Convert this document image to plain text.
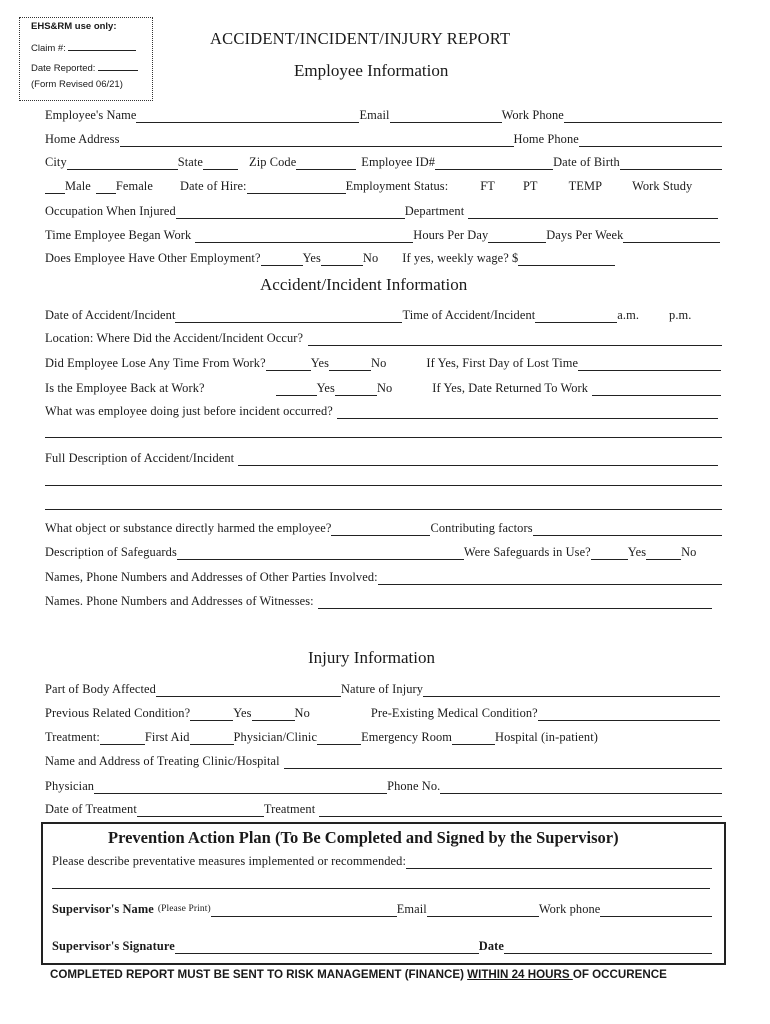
EHS&RM use only:
Claim #:
Date Reported:
(Form Revised 06/21)
ACCIDENT/INCIDENT/INJURY REPORT
Employee Information
Employee's Name	Email	Work Phone
Home Address	Home Phone
City	State	Zip Code	Employee ID#	Date of Birth
Male Female Date of Hire:	Employment Status:	FT PT	TEMP Work Study
Occupation When Injured	Department
Time Employee Began Work	Hours Per Day	Days Per Week
Does Employee Have Other Employment?	Yes	No If yes, weekly wage? $
Accident/Incident Information
Date of Accident/Incident	Time of Accident/Incident	a.m. p.m.
Location: Where Did the Accident/Incident Occur?
Did Employee Lose Any Time From Work?	Yes	No	If Yes, First Day of Lost Time
Is the Employee Back at Work?	Yes	No	If Yes, Date Returned To Work
What was employee doing just before incident occurred?
Full Description of Accident/Incident
What object or substance directly harmed the employee?	Contributing factors
Description of Safeguards	Were Safeguards in Use?	Yes	No
Names, Phone Numbers and Addresses of Other Parties Involved:
Names. Phone Numbers and Addresses of Witnesses:
Injury Information
Part of Body Affected	Nature of Injury
Previous Related Condition?	Yes	No	Pre-Existing Medical Condition?
Treatment:	First Aid	Physician/Clinic	Emergency Room	Hospital (in-patient)
Name and Address of Treating Clinic/Hospital
Physician	Phone No.
Date of Treatment	Treatment
Prevention Action Plan (To Be Completed and Signed by the Supervisor)
Please describe preventative measures implemented or recommended:
Supervisor's Name (Please Print)	Email	Work phone
Supervisor's Signature	Date
COMPLETED REPORT MUST BE SENT TO RISK MANAGEMENT (FINANCE) WITHIN 24 HOURS OF OCCURENCE
